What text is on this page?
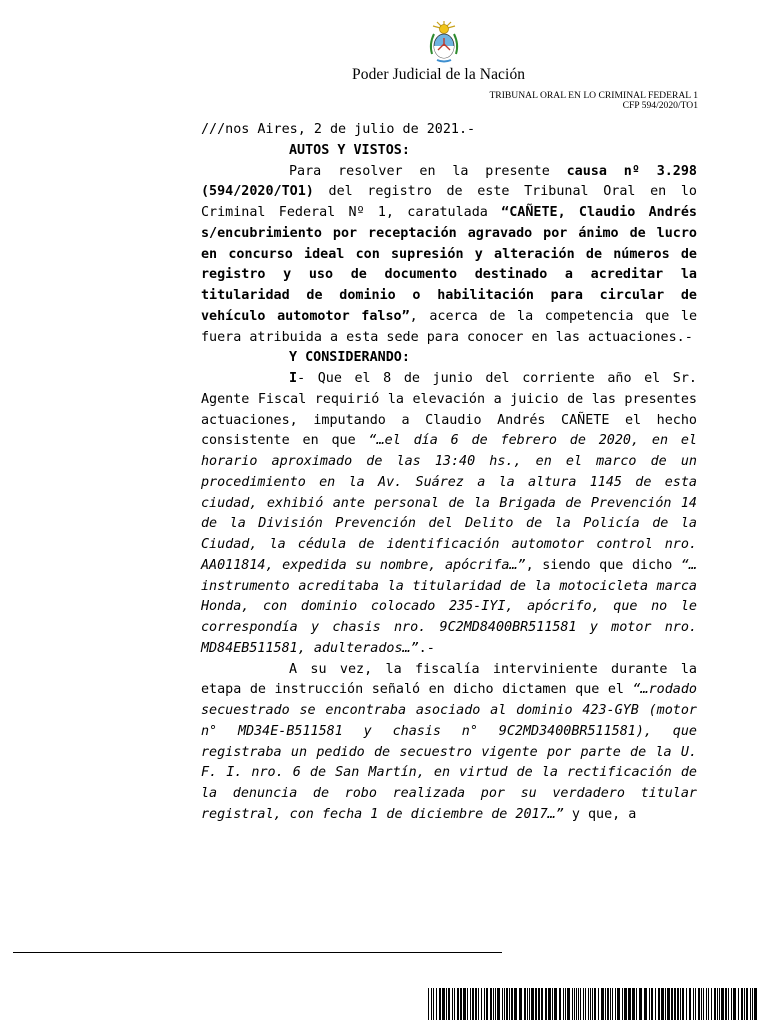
Poder Judicial de la Nación
TRIBUNAL ORAL EN LO CRIMINAL FEDERAL 1
CFP 594/2020/TO1
///nos Aires, 2 de julio de 2021.-
AUTOS Y VISTOS:
Para resolver en la presente causa nº 3.298 (594/2020/TO1) del registro de este Tribunal Oral en lo Criminal Federal Nº 1, caratulada “CAÑETE, Claudio Andrés s/encubrimiento por receptación agravado por ánimo de lucro en concurso ideal con supresión y alteración de números de registro y uso de documento destinado a acreditar la titularidad de dominio o habilitación para circular de vehículo automotor falso”, acerca de la competencia que le fuera atribuida a esta sede para conocer en las actuaciones.-
Y CONSIDERANDO:
I- Que el 8 de junio del corriente año el Sr. Agente Fiscal requirió la elevación a juicio de las presentes actuaciones, imputando a Claudio Andrés CAÑETE el hecho consistente en que “…el día 6 de febrero de 2020, en el horario aproximado de las 13:40 hs., en el marco de un procedimiento en la Av. Suárez a la altura 1145 de esta ciudad, exhibió ante personal de la Brigada de Prevención 14 de la División Prevención del Delito de la Policía de la Ciudad, la cédula de identificación automotor control nro. AA011814, expedida su nombre, apócrifa…”, siendo que dicho “…instrumento acreditaba la titularidad de la motocicleta marca Honda, con dominio colocado 235-IYI, apócrifo, que no le correspondía y chasis nro. 9C2MD8400BR511581 y motor nro. MD84EB511581, adulterados…”.-
A su vez, la fiscalía interviniente durante la etapa de instrucción señaló en dicho dictamen que el “…rodado secuestrado se encontraba asociado al dominio 423-GYB (motor n° MD34E-B511581 y chasis n° 9C2MD3400BR511581), que registraba un pedido de secuestro vigente por parte de la U. F. I. nro. 6 de San Martín, en virtud de la rectificación de la denuncia de robo realizada por su verdadero titular registral, con fecha 1 de diciembre de 2017…” y que, a
